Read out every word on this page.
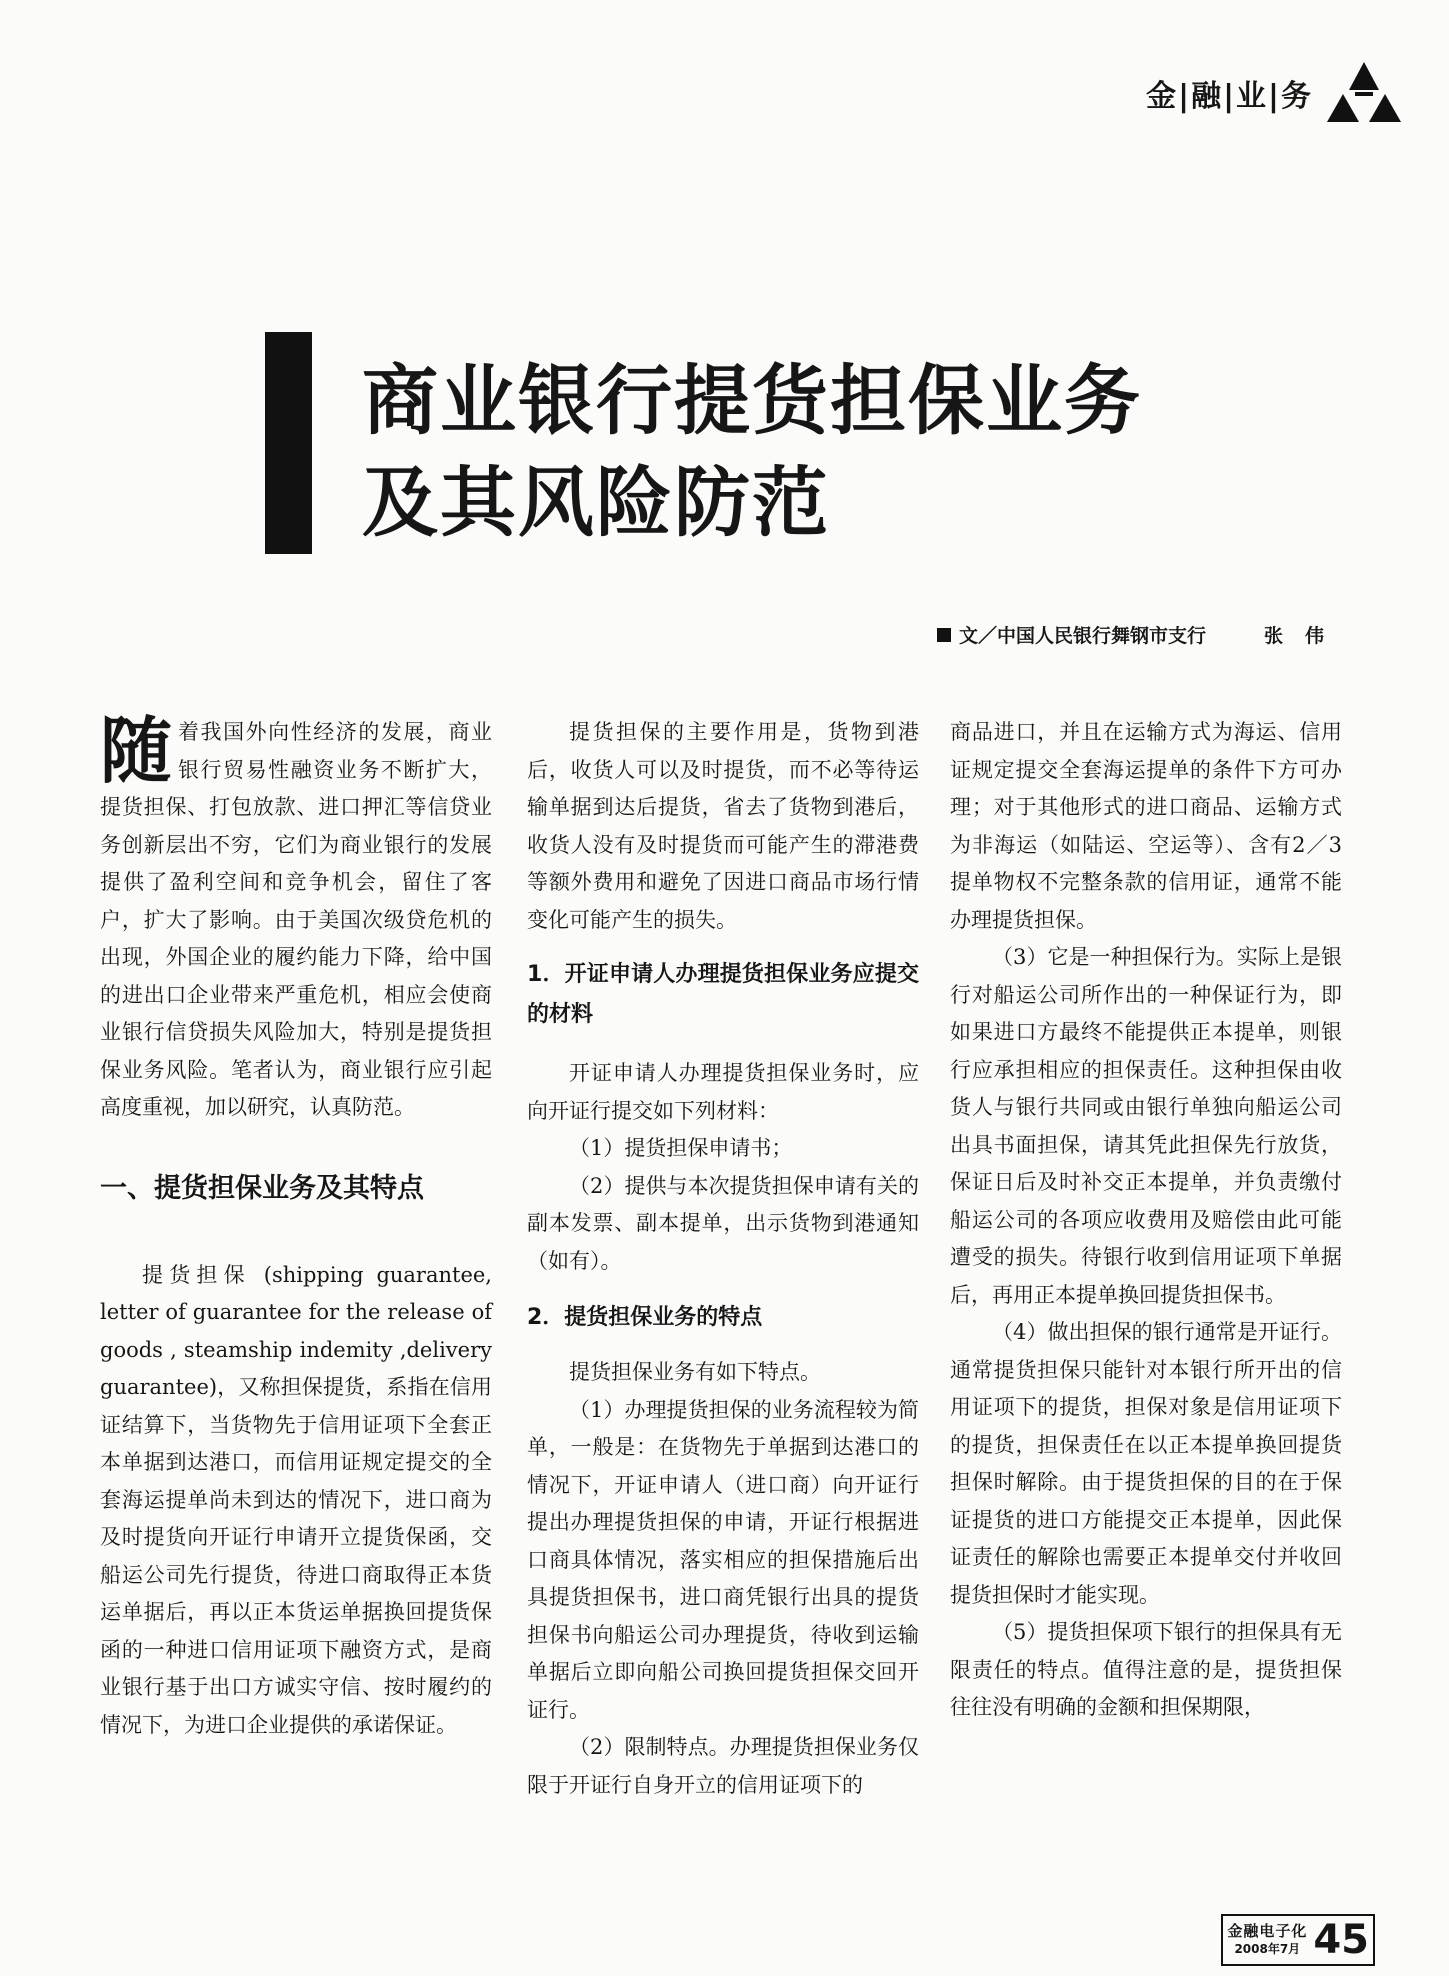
金|融|业|务
商业银行提货担保业务
及其风险防范
文／中国人民银行舞钢市支行	张伟

随着我国外向性经济的发展，商业银行贸易性融资业务不断扩大，提货担保、打包放款、进口押汇等信贷业务创新层出不穷，它们为商业银行的发展提供了盈利空间和竞争机会，留住了客户，扩大了影响。由于美国次级贷危机的出现，外国企业的履约能力下降，给中国的进出口企业带来严重危机，相应会使商业银行信贷损失风险加大，特别是提货担保业务风险。笔者认为，商业银行应引起高度重视，加以研究，认真防范。

一、提货担保业务及其特点

提货担保 (shipping guarantee, letter of guarantee for the release of goods , steamship indemity ,delivery guarantee)，又称担保提货，系指在信用证结算下，当货物先于信用证项下全套正本单据到达港口，而信用证规定提交的全套海运提单尚未到达的情况下，进口商为及时提货向开证行申请开立提货保函，交船运公司先行提货，待进口商取得正本货运单据后，再以正本货运单据换回提货保函的一种进口信用证项下融资方式，是商业银行基于出口方诚实守信、按时履约的情况下，为进口企业提供的承诺保证。

提货担保的主要作用是，货物到港后，收货人可以及时提货，而不必等待运输单据到达后提货，省去了货物到港后，收货人没有及时提货而可能产生的滞港费等额外费用和避免了因进口商品市场行情变化可能产生的损失。

1．开证申请人办理提货担保业务应提交的材料

开证申请人办理提货担保业务时，应向开证行提交如下列材料：

（1）提货担保申请书；

（2）提供与本次提货担保申请有关的副本发票、副本提单，出示货物到港通知（如有）。

2．提货担保业务的特点

提货担保业务有如下特点。

（1）办理提货担保的业务流程较为简单，一般是：在货物先于单据到达港口的情况下，开证申请人（进口商）向开证行提出办理提货担保的申请，开证行根据进口商具体情况，落实相应的担保措施后出具提货担保书，进口商凭银行出具的提货担保书向船运公司办理提货，待收到运输单据后立即向船公司换回提货担保交回开证行。

（2）限制特点。办理提货担保业务仅限于开证行自身开立的信用证项下的

商品进口，并且在运输方式为海运、信用证规定提交全套海运提单的条件下方可办理；对于其他形式的进口商品、运输方式为非海运（如陆运、空运等）、含有2／3提单物权不完整条款的信用证，通常不能办理提货担保。

（3）它是一种担保行为。实际上是银行对船运公司所作出的一种保证行为，即如果进口方最终不能提供正本提单，则银行应承担相应的担保责任。这种担保由收货人与银行共同或由银行单独向船运公司出具书面担保，请其凭此担保先行放货，保证日后及时补交正本提单，并负责缴付船运公司的各项应收费用及赔偿由此可能遭受的损失。待银行收到信用证项下单据后，再用正本提单换回提货担保书。

（4）做出担保的银行通常是开证行。通常提货担保只能针对本银行所开出的信用证项下的提货，担保对象是信用证项下的提货，担保责任在以正本提单换回提货担保时解除。由于提货担保的目的在于保证提货的进口方能提交正本提单，因此保证责任的解除也需要正本提单交付并收回提货担保时才能实现。

（5）提货担保项下银行的担保具有无限责任的特点。值得注意的是，提货担保往往没有明确的金额和担保期限，

金融电子化
2008年7月 45
